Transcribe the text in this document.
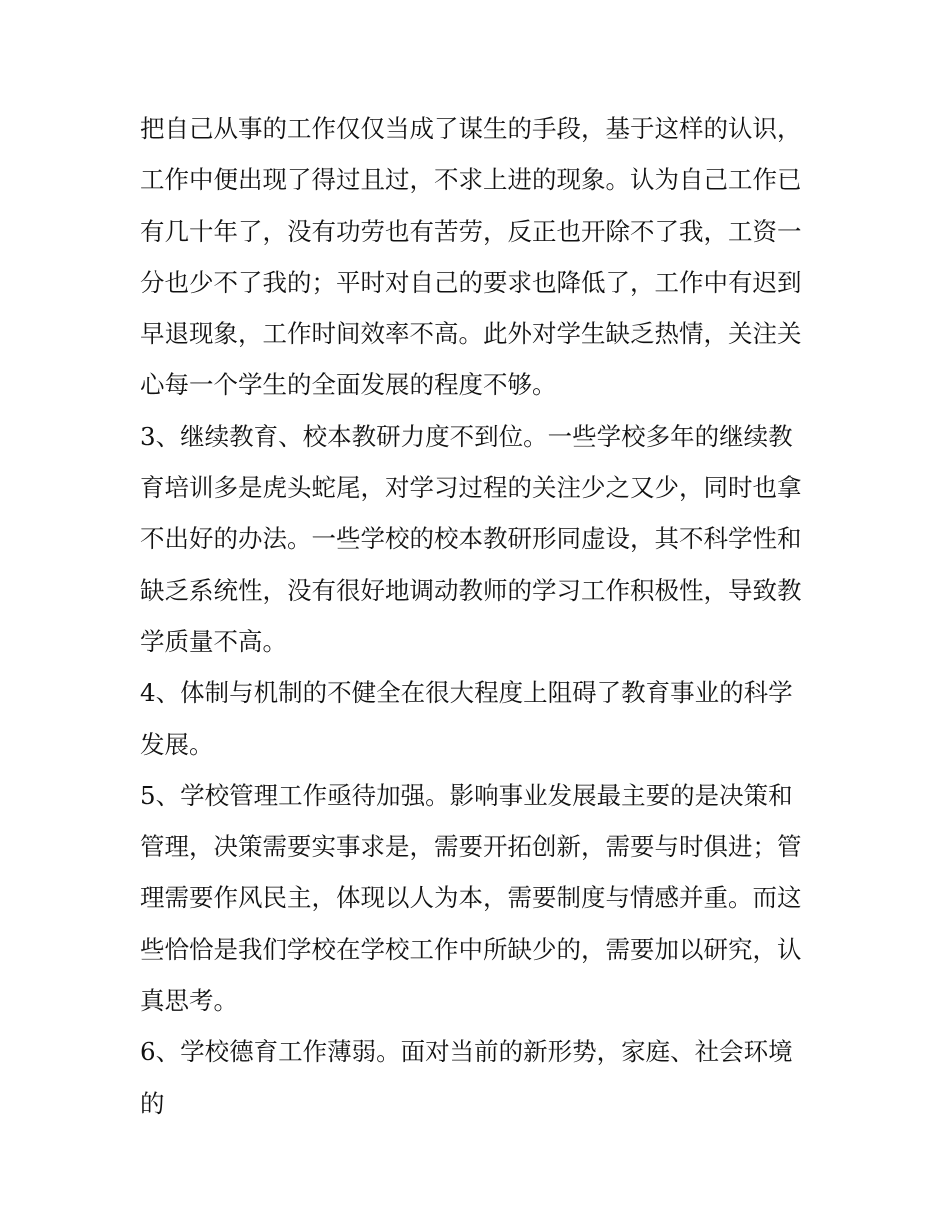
把自己从事的工作仅仅当成了谋生的手段，基于这样的认识，
工作中便出现了得过且过，不求上进的现象。认为自己工作已
有几十年了，没有功劳也有苦劳，反正也开除不了我，工资一
分也少不了我的；平时对自己的要求也降低了，工作中有迟到
早退现象，工作时间效率不高。此外对学生缺乏热情，关注关
心每一个学生的全面发展的程度不够。
3、继续教育、校本教研力度不到位。一些学校多年的继续教
育培训多是虎头蛇尾，对学习过程的关注少之又少，同时也拿
不出好的办法。一些学校的校本教研形同虚设，其不科学性和
缺乏系统性，没有很好地调动教师的学习工作积极性，导致教
学质量不高。
4、体制与机制的不健全在很大程度上阻碍了教育事业的科学
发展。
5、学校管理工作亟待加强。影响事业发展最主要的是决策和
管理，决策需要实事求是，需要开拓创新，需要与时俱进；管
理需要作风民主，体现以人为本，需要制度与情感并重。而这
些恰恰是我们学校在学校工作中所缺少的，需要加以研究，认
真思考。
6、学校德育工作薄弱。面对当前的新形势，家庭、社会环境
的
